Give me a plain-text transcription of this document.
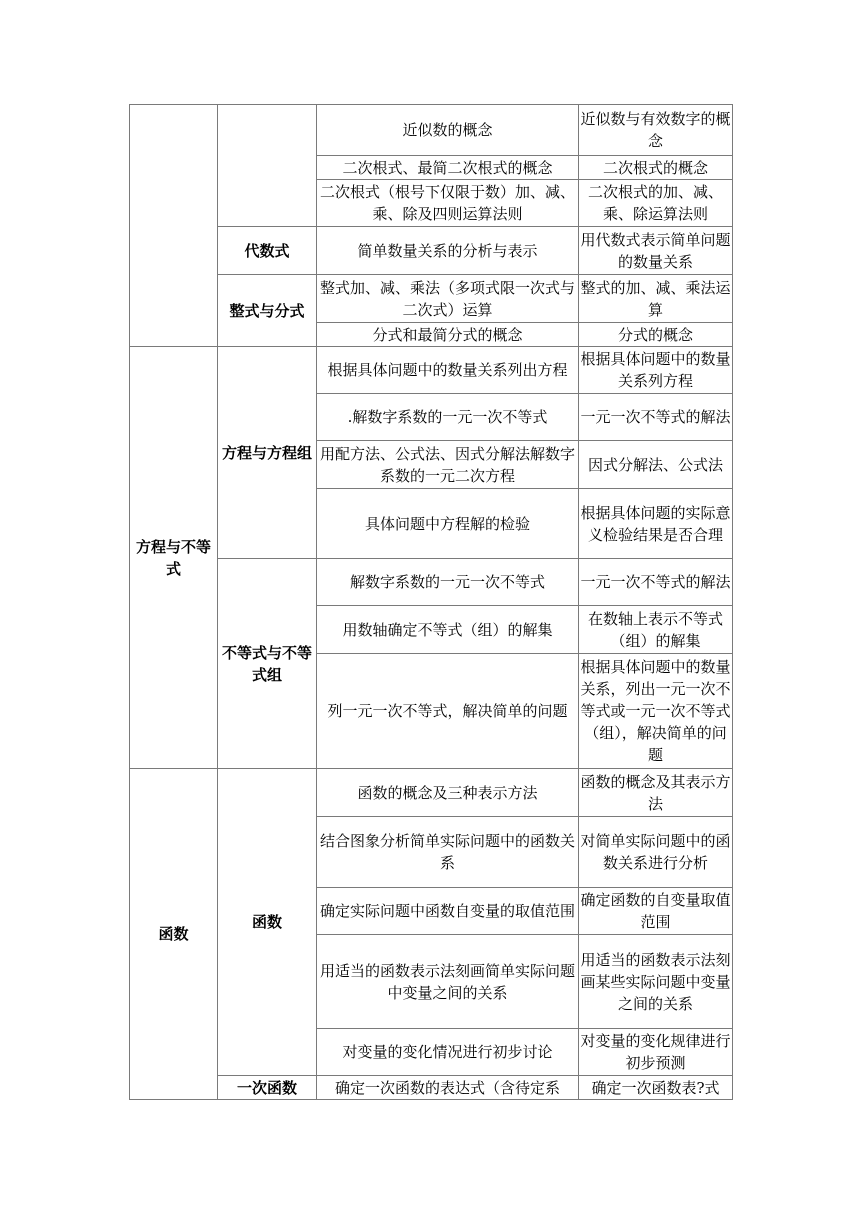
		近似数的概念	近似数与有效数字的概念
		二次根式、最简二次根式的概念	二次根式的概念
		二次根式（根号下仅限于数）加、减、乘、除及四则运算法则	二次根式的加、减、乘、除运算法则
	代数式	简单数量关系的分析与表示	用代数式表示简单问题的数量关系
	整式与分式	整式加、减、乘法（多项式限一次式与二次式）运算	整式的加、减、乘法运算
		分式和最简分式的概念	分式的概念
方程与不等式	方程与方程组	根据具体问题中的数量关系列出方程	根据具体问题中的数量关系列方程
		.解数字系数的一元一次不等式	一元一次不等式的解法
		用配方法、公式法、因式分解法解数字系数的一元二次方程	因式分解法、公式法
		具体问题中方程解的检验	根据具体问题的实际意义检验结果是否合理
	不等式与不等式组	解数字系数的一元一次不等式	一元一次不等式的解法
		用数轴确定不等式（组）的解集	在数轴上表示不等式（组）的解集
		列一元一次不等式，解决简单的问题	根据具体问题中的数量关系，列出一元一次不等式或一元一次不等式（组），解决简单的问题
函数	函数	函数的概念及三种表示方法	函数的概念及其表示方法
		结合图象分析简单实际问题中的函数关系	对简单实际问题中的函数关系进行分析
		确定实际问题中函数自变量的取值范围	确定函数的自变量取值范围
		用适当的函数表示法刻画简单实际问题中变量之间的关系	用适当的函数表示法刻画某些实际问题中变量之间的关系
		对变量的变化情况进行初步讨论	对变量的变化规律进行初步预测
	一次函数	确定一次函数的表达式（含待定系	确定一次函数表?式
